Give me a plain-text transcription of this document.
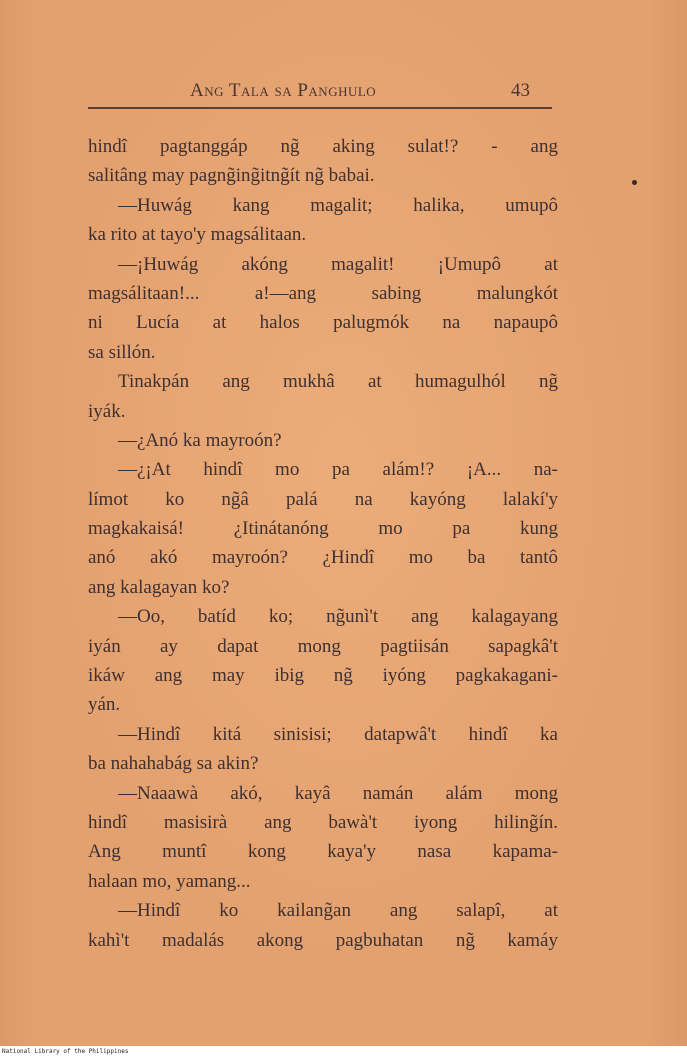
Ang Tala sa Panghulo	43
hindî pagtanggáp ng̃ aking sulat!? - ang
salitâng may pagng̃ing̃itng̃ít ng̃ babai.
—Huwág kang magalit; halika, umupô
ka rito at tayo'y magsálitaan.
—¡Huwág akóng magalit! ¡Umupô at
magsálitaan!... a!—ang sabing malungkót
ni Lucía at halos palugmók na napaupô
sa sillón.
Tinakpán ang mukhâ at humagulhól ng̃
iyák.
—¿Anó ka mayroón?
—¿¡At hindî mo pa alám!? ¡A... na-
límot ko ng̃â palá na kayóng lalakí'y
magkakaisá! ¿Itinátanóng mo pa kung
anó akó mayroón? ¿Hindî mo ba tantô
ang kalagayan ko?
—Oo, batíd ko; ng̃unì't ang kalagayang
iyán ay dapat mong pagtiisán sapagkâ't
ikáw ang may ibig ng̃ iyóng pagkakagani-
yán.
—Hindî kitá sinisisi; datapwâ't hindî ka
ba nahahabág sa akin?
—Naaawà akó, kayâ namán alám mong
hindî masisirà ang bawà't iyong hiling̃ín.
Ang muntî kong kaya'y nasa kapama-
halaan mo, yamang...
—Hindî ko kailang̃an ang salapî, at
kahì't madalás akong pagbuhatan ng̃ kamáy
National Library of the Philippines
